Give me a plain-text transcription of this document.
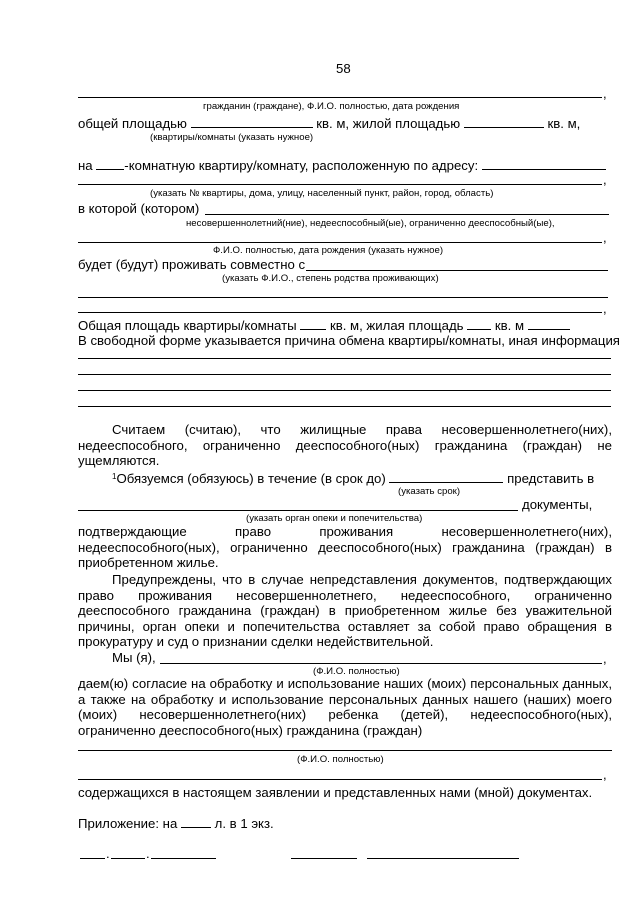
58
,
гражданин (граждане), Ф.И.О. полностью, дата рождения
общей площадью	кв. м, жилой площадью	кв. м,
(квартиры/комнаты (указать нужное)
на -комнатную квартиру/комнату, расположенную по адресу:
,
(указать № квартиры, дома, улицу, населенный пункт, район, город, область)
в которой (котором)
несовершеннолетний(ние), недееспособный(ые), ограниченно дееспособный(ые),
,
Ф.И.О. полностью, дата рождения (указать нужное)
будет (будут) проживать совместно с
(указать Ф.И.О., степень родства проживающих)
,
Общая площадь квартиры/комнаты	кв. м, жилая площадь кв. м
В свободной форме указывается причина обмена квартиры/комнаты, иная информация
Считаем (считаю), что жилищные права несовершеннолетнего(них), недееспособного, ограниченно дееспособного(ных) гражданина (граждан) не ущемляются.
$^1$Обязуемся (обязуюсь) в течение (в срок до)	представить в
(указать срок)
документы,
(указать орган опеки и попечительства)
подтверждающие право проживания несовершеннолетнего(них), недееспособного(ных), ограниченно дееспособного(ных) гражданина (граждан) в приобретенном жилье.
Предупреждены, что в случае непредставления документов, подтверждающих право проживания несовершеннолетнего, недееспособного, ограниченно дееспособного гражданина (граждан) в приобретенном жилье без уважительной причины, орган опеки и попечительства оставляет за собой право обращения в прокуратуру и суд о признании сделки недействительной.
Мы (я),	,
(Ф.И.О. полностью)
даем(ю) согласие на обработку и использование наших (моих) персональных данных, а также на обработку и использование персональных данных нашего (наших) моего (моих) несовершеннолетнего(них) ребенка (детей), недееспособного(ных), ограниченно дееспособного(ных) гражданина (граждан)
(Ф.И.О. полностью)
,
содержащихся в настоящем заявлении и представленных нами (мной) документах.
Приложение: на	л. в 1 экз.
.	.
